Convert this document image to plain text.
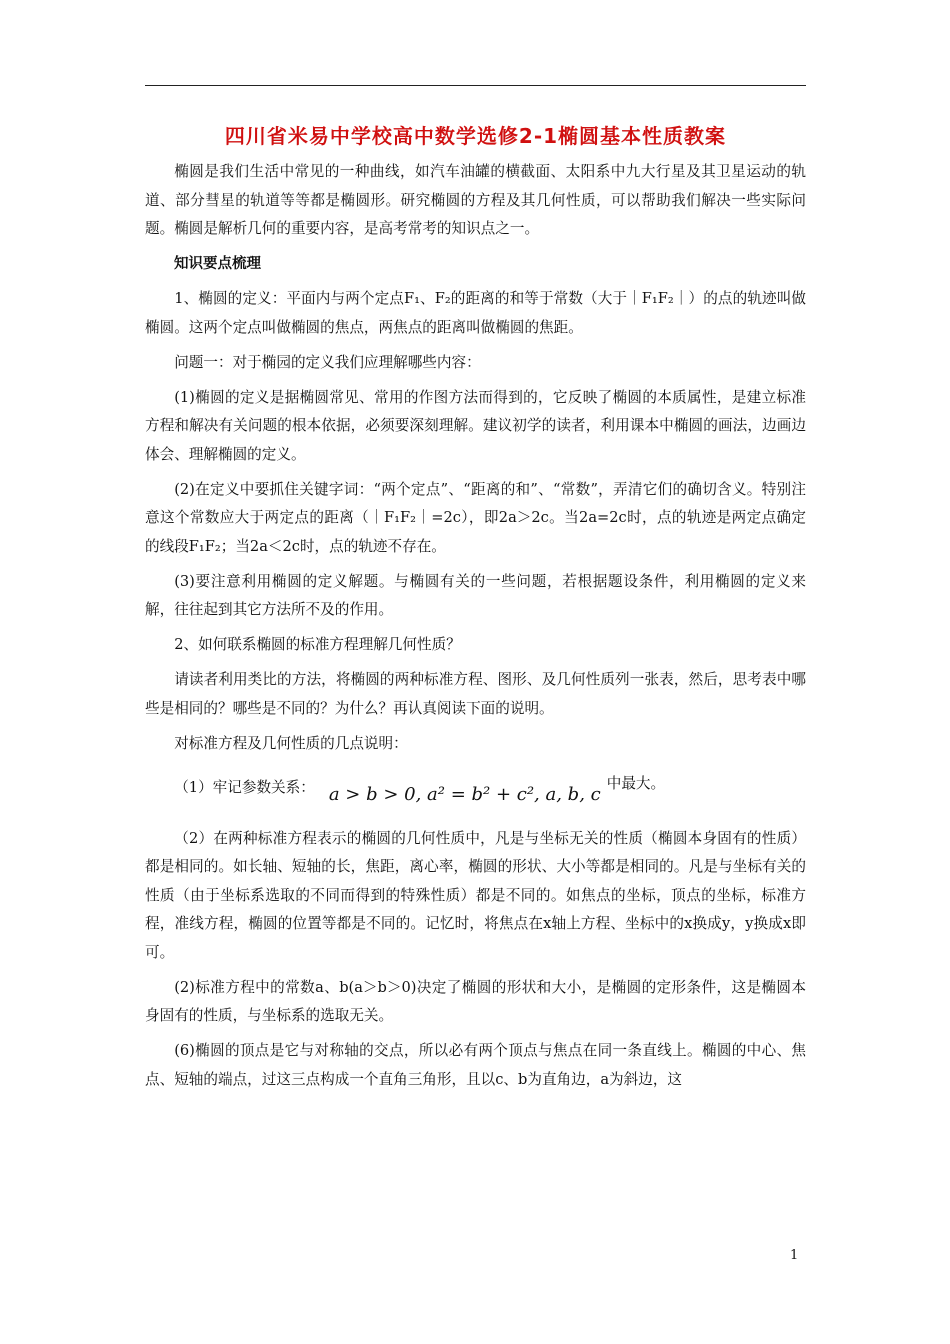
四川省米易中学校高中数学选修2-1椭圆基本性质教案

椭圆是我们生活中常见的一种曲线，如汽车油罐的横截面、太阳系中九大行星及其卫星运动的轨道、部分彗星的轨道等等都是椭圆形。研究椭圆的方程及其几何性质，可以帮助我们解决一些实际问题。椭圆是解析几何的重要内容，是高考常考的知识点之一。

知识要点梳理

1、椭圆的定义：平面内与两个定点F₁、F₂的距离的和等于常数（大于｜F₁F₂｜）的点的轨迹叫做椭圆。这两个定点叫做椭圆的焦点，两焦点的距离叫做椭圆的焦距。

问题一：对于椭园的定义我们应理解哪些内容：

(1)椭圆的定义是据椭圆常见、常用的作图方法而得到的，它反映了椭圆的本质属性，是建立标准方程和解决有关问题的根本依据，必须要深刻理解。建议初学的读者，利用课本中椭圆的画法，边画边体会、理解椭圆的定义。

(2)在定义中要抓住关键字词：“两个定点”、“距离的和”、“常数”，弄清它们的确切含义。特别注意这个常数应大于两定点的距离（｜F₁F₂｜=2c），即2a＞2c。当2a=2c时，点的轨迹是两定点确定的线段F₁F₂；当2a＜2c时，点的轨迹不存在。

(3)要注意利用椭圆的定义解题。与椭圆有关的一些问题，若根据题设条件，利用椭圆的定义来解，往往起到其它方法所不及的作用。

2、如何联系椭圆的标准方程理解几何性质？

请读者利用类比的方法，将椭圆的两种标准方程、图形、及几何性质列一张表，然后，思考表中哪些是相同的？哪些是不同的？为什么？再认真阅读下面的说明。

对标准方程及几何性质的几点说明：

（1）牢记参数关系： a > b > 0, a² = b² + c², a, b, c
中最大。

（2）在两种标准方程表示的椭圆的几何性质中，凡是与坐标无关的性质（椭圆本身固有的性质）都是相同的。如长轴、短轴的长，焦距，离心率，椭圆的形状、大小等都是相同的。凡是与坐标有关的性质（由于坐标系选取的不同而得到的特殊性质）都是不同的。如焦点的坐标，顶点的坐标，标准方程，准线方程，椭圆的位置等都是不同的。记忆时，将焦点在x轴上方程、坐标中的x换成y，y换成x即可。

(2)标准方程中的常数a、b(a＞b＞0)决定了椭圆的形状和大小，是椭圆的定形条件，这是椭圆本身固有的性质，与坐标系的选取无关。

(6)椭圆的顶点是它与对称轴的交点，所以必有两个顶点与焦点在同一条直线上。椭圆的中心、焦点、短轴的端点，过这三点构成一个直角三角形，且以c、b为直角边，a为斜边，这

1
